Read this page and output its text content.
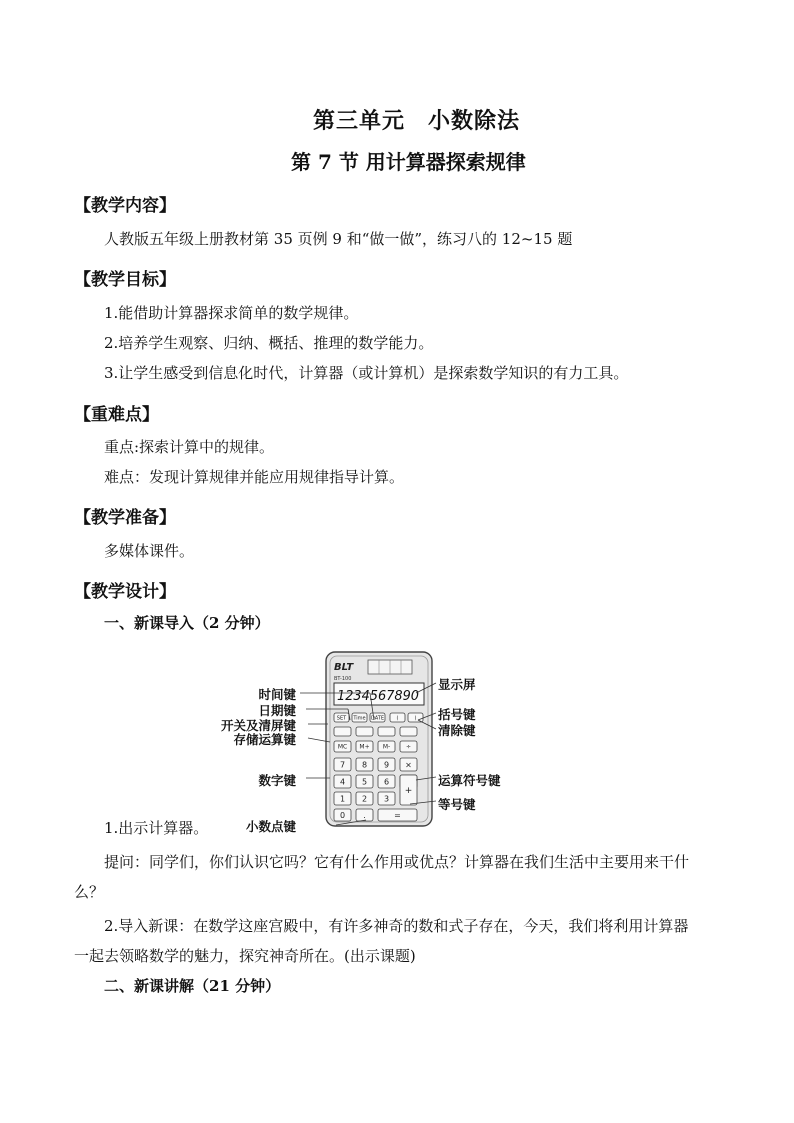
第三单元　小数除法
第 7 节 用计算器探索规律
【教学内容】
人教版五年级上册教材第 35 页例 9 和“做一做”，练习八的 12~15 题
【教学目标】
1.能借助计算器探求简单的数学规律。
2.培养学生观察、归纳、概括、推理的数学能力。
3.让学生感受到信息化时代，计算器（或计算机）是探索数学知识的有力工具。
【重难点】
重点:探索计算中的规律。
难点：发现计算规律并能应用规律指导计算。
【教学准备】
多媒体课件。
【教学设计】
一、新课导入（2 分钟）
BLT
BT-100
1234567890
SET Time DATE	(	)
MC M+ M-	÷
7 8 9 ×
4 5 6
1 2 3
+
0 .	=
时间键
日期键
开关及清屏键
存储运算键
数字键
小数点键
显示屏
括号键
清除键
运算符号键
等号键
1.出示计算器。
提问：同学们，你们认识它吗？它有什么作用或优点？计算器在我们生活中主要用来干什
么？
2.导入新课：在数学这座宫殿中，有许多神奇的数和式子存在，今天，我们将利用计算器
一起去领略数学的魅力，探究神奇所在。(出示课题)
二、新课讲解（21 分钟）
